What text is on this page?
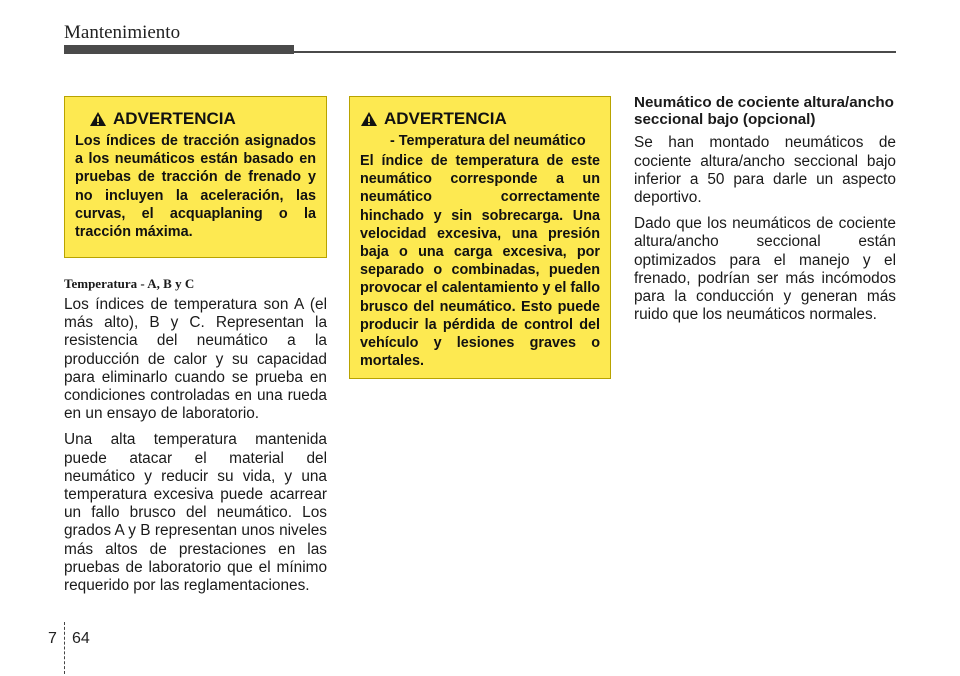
Mantenimiento
ADVERTENCIA
Los índices de tracción asignados a los neumáticos están basado en pruebas de tracción de frenado y no incluyen la aceleración, las curvas, el acquaplaning o la tracción máxima.
Temperatura - A, B y C

Los índices de temperatura son A (el más alto), B y C. Representan la resistencia del neumático a la producción de calor y su capacidad para eliminarlo cuando se prueba en condiciones controladas en una rueda en un ensayo de laboratorio.

Una alta temperatura mantenida puede atacar el material del neumático y reducir su vida, y una temperatura excesiva puede acarrear un fallo brusco del neumático. Los grados A y B representan unos niveles más altos de prestaciones en las pruebas de laboratorio que el mínimo requerido por las reglamentaciones.

ADVERTENCIA
- Temperatura del neumático
El índice de temperatura de este neumático corresponde a un neumático correctamente hinchado y sin sobrecarga. Una velocidad excesiva, una presión baja o una carga excesiva, por separado o combinadas, pueden provocar el calentamiento y el fallo brusco del neumático. Esto puede producir la pérdida de control del vehículo y lesiones graves o mortales.
Neumático de cociente altura/ancho seccional bajo (opcional)

Se han montado neumáticos de cociente altura/ancho seccional bajo inferior a 50 para darle un aspecto deportivo.

Dado que los neumáticos de cociente altura/ancho seccional están optimizados para el manejo y el frenado, podrían ser más incómodos para la conducción y generan más ruido que los neumáticos normales.

7 64
